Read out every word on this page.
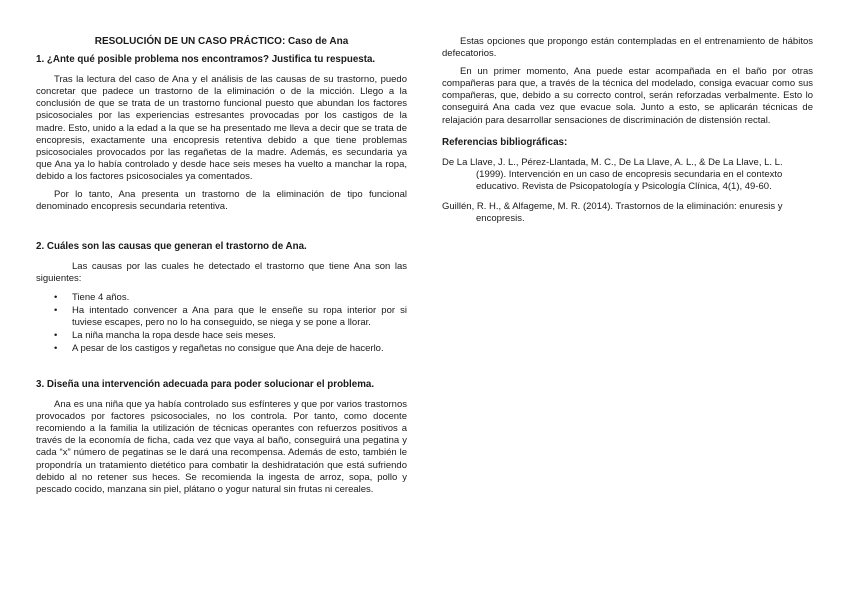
RESOLUCIÓN DE UN CASO PRÁCTICO: Caso de Ana
1. ¿Ante qué posible problema nos encontramos? Justifica tu respuesta.

Tras la lectura del caso de Ana y el análisis de las causas de su trastorno, puedo concretar que padece un trastorno de la eliminación o de la micción. Llego a la conclusión de que se trata de un trastorno funcional puesto que abundan los factores psicosociales por las experiencias estresantes provocadas por los castigos de la madre. Esto, unido a la edad a la que se ha presentado me lleva a decir que se trata de encopresis, exactamente una encopresis retentiva debido a que tiene problemas psicosociales provocados por las regañetas de la madre. Además, es secundaria ya que Ana ya lo había controlado y desde hace seis meses ha vuelto a manchar la ropa, debido a los factores psicosociales ya comentados.

Por lo tanto, Ana presenta un trastorno de la eliminación de tipo funcional denominado encopresis secundaria retentiva.

2. Cuáles son las causas que generan el trastorno de Ana.

Las causas por las cuales he detectado el trastorno que tiene Ana son las siguientes:

• Tiene 4 años.
• Ha intentado convencer a Ana para que le enseñe su ropa interior por si tuviese escapes, pero no lo ha conseguido, se niega y se pone a llorar.
• La niña mancha la ropa desde hace seis meses.
• A pesar de los castigos y regañetas no consigue que Ana deje de hacerlo.
3. Diseña una intervención adecuada para poder solucionar el problema.

Ana es una niña que ya había controlado sus esfínteres y que por varios trastornos provocados por factores psicosociales, no los controla. Por tanto, como docente recomiendo a la familia la utilización de técnicas operantes con refuerzos positivos a través de la economía de ficha, cada vez que vaya al baño, conseguirá una pegatina y cada “x” número de pegatinas se le dará una recompensa. Además de esto, también le propondría un tratamiento dietético para combatir la deshidratación que está sufriendo debido al no retener sus heces. Se recomienda la ingesta de arroz, sopa, pollo y pescado cocido, manzana sin piel, plátano o yogur natural sin frutas ni cereales.

Estas opciones que propongo están contempladas en el entrenamiento de hábitos defecatorios.

En un primer momento, Ana puede estar acompañada en el baño por otras compañeras para que, a través de la técnica del modelado, consiga evacuar como sus compañeras, que, debido a su correcto control, serán reforzadas verbalmente. Esto lo conseguirá Ana cada vez que evacue sola. Junto a esto, se aplicarán técnicas de relajación para desarrollar sensaciones de discriminación de distensión rectal.

Referencias bibliográficas:
De La Llave, J. L., Pérez-Llantada, M. C., De La Llave, A. L., & De La Llave, L. L. (1999). Intervención en un caso de encopresis secundaria en el contexto educativo. Revista de Psicopatología y Psicología Clínica, 4(1), 49-60.
Guillén, R. H., & Alfageme, M. R. (2014). Trastornos de la eliminación: enuresis y encopresis.
